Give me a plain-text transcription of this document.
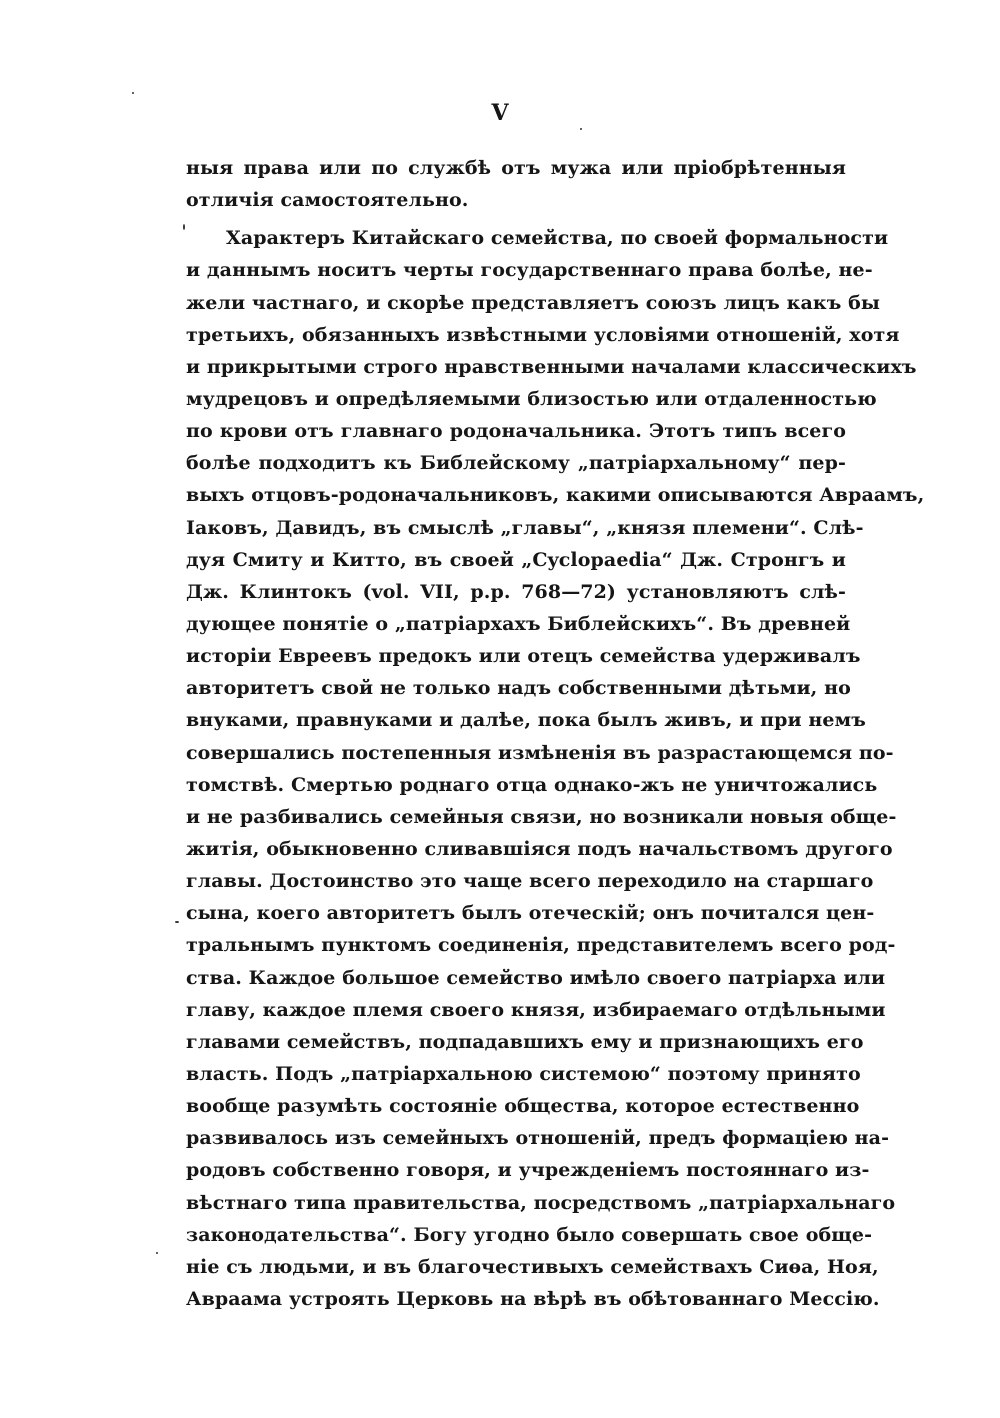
V
ныя права или по службѣ отъ мужа или пріобрѣтенныя
отличія самостоятельно.
Характеръ Китайскаго семейства, по своей формальности
и даннымъ носитъ черты государственнаго права болѣе, не-
жели частнаго, и скорѣе представляетъ союзъ лицъ какъ бы
третьихъ, обязанныхъ извѣстными условіями отношеній, хотя
и прикрытыми строго нравственными началами классическихъ
мудрецовъ и опредѣляемыми близостью или отдаленностью
по крови отъ главнаго родоначальника. Этотъ типъ всего
болѣе подходитъ къ Библейскому „патріархальному“ пер-
выхъ отцовъ-родоначальниковъ, какими описываются Авраамъ,
Іаковъ, Давидъ, въ смыслѣ „главы“, „князя племени“. Слѣ-
дуя Смиту и Китто, въ своей „Cyclopaedia“ Дж. Стронгъ и
Дж. Клинтокъ (vol. VII, p.p. 768—72) установляютъ слѣ-
дующее понятіе о „патріархахъ Библейскихъ“. Въ древней
исторіи Евреевъ предокъ или отецъ семейства удерживалъ
авторитетъ свой не только надъ собственными дѣтьми, но
внуками, правнуками и далѣе, пока былъ живъ, и при немъ
совершались постепенныя измѣненія въ разрастающемся по-
томствѣ. Смертью роднаго отца однако-жъ не уничтожались
и не разбивались семейныя связи, но возникали новыя обще-
житія, обыкновенно сливавшіяся подъ начальствомъ другого
главы. Достоинство это чаще всего переходило на старшаго
сына, коего авторитетъ былъ отеческій; онъ почитался цен-
тральнымъ пунктомъ соединенія, представителемъ всего род-
ства. Каждое большое семейство имѣло своего патріарха или
главу, каждое племя своего князя, избираемаго отдѣльными
главами семействъ, подпадавшихъ ему и признающихъ его
власть. Подъ „патріархальною системою“ поэтому принято
вообще разумѣть состояніе общества, которое естественно
развивалось изъ семейныхъ отношеній, предъ формаціею на-
родовъ собственно говоря, и учрежденіемъ постояннаго из-
вѣстнаго типа правительства, посредствомъ „патріархальнаго
законодательства“. Богу угодно было совершать свое обще-
ніе съ людьми, и въ благочестивыхъ семействахъ Сиѳа, Ноя,
Авраама устроять Церковь на вѣрѣ въ обѣтованнаго Мессію.
